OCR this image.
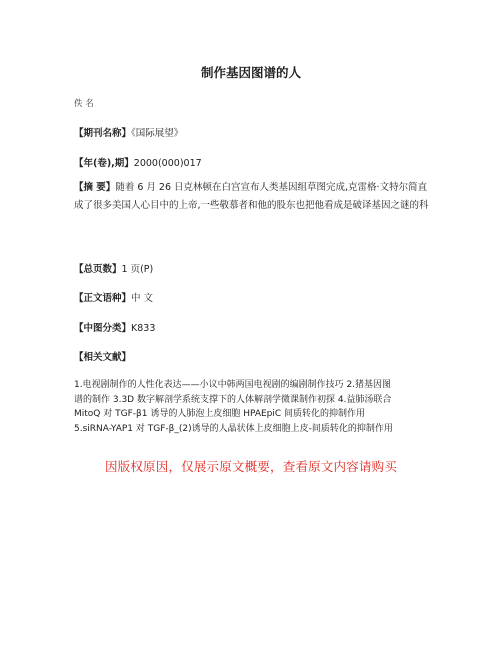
制作基因图谱的人
佚 名
【期刊名称】《国际展望》
【年(卷),期】2000(000)017

【摘 要】随着 6 月 26 日克林顿在白宫宣布人类基因组草图完成,克雷格·文特尔简直成了很多美国人心目中的上帝,一些敬慕者和他的股东也把他看成是破译基因之谜的科

【总页数】1 页(P)
【正文语种】中 文
【中图分类】K833
【相关文献】
1.电视剧制作的人性化表达——小议中韩两国电视剧的编剧制作技巧 2.猪基因图
谱的制作 3.3D 数字解剖学系统支撑下的人体解剖学微课制作初探 4.益肺汤联合
MitoQ 对 TGF-β1 诱导的人肺泡上皮细胞 HPAEpiC 间质转化的抑制作用
5.siRNA-YAP1 对 TGF-β_(2)诱导的人晶状体上皮细胞上皮-间质转化的抑制作用
因版权原因，仅展示原文概要，查看原文内容请购买
